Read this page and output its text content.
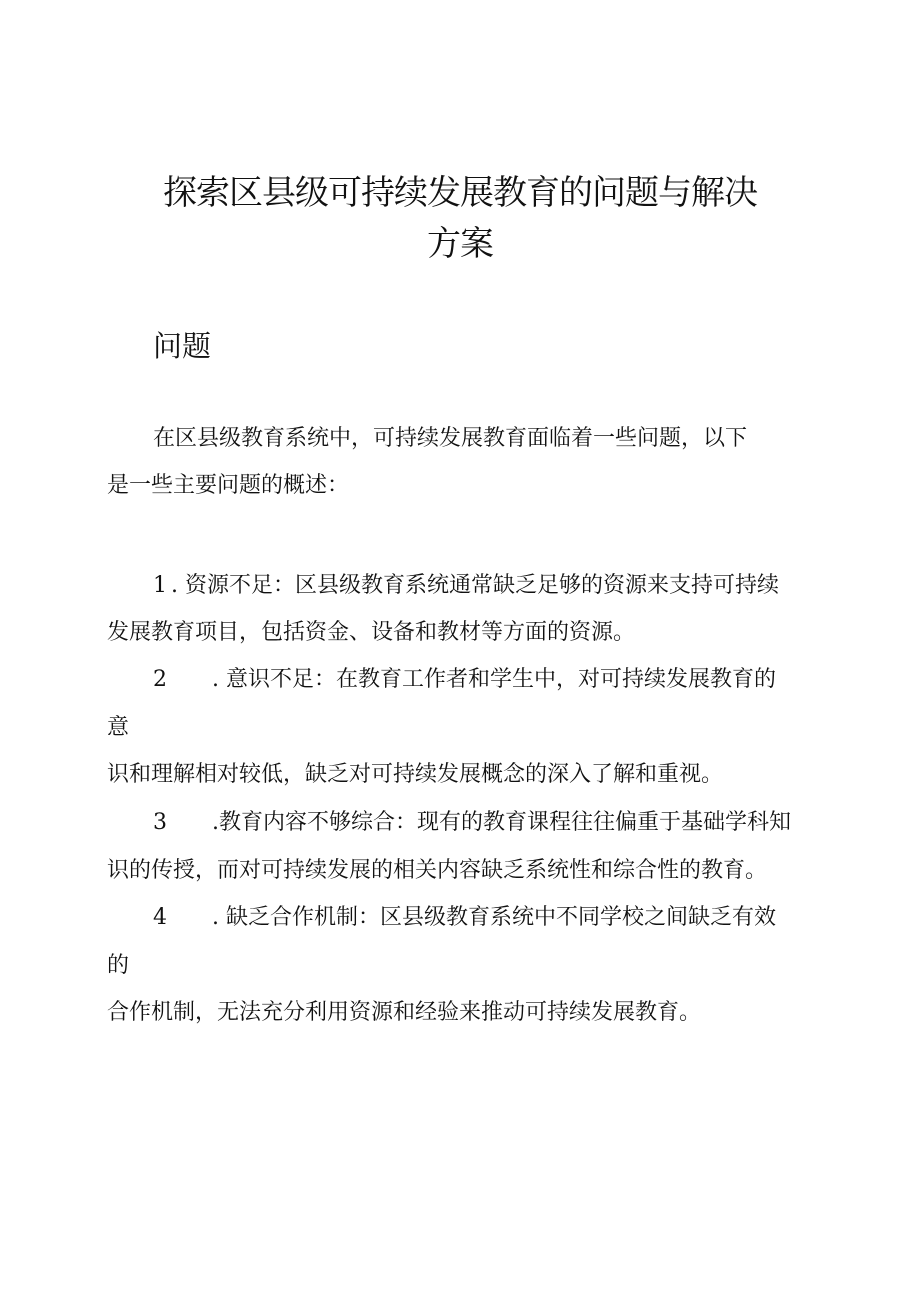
探索区县级可持续发展教育的问题与解决
方案
问题

在区县级教育系统中，可持续发展教育面临着一些问题，以下

是一些主要问题的概述：

1 . 资源不足：区县级教育系统通常缺乏足够的资源来支持可持续

发展教育项目，包括资金、设备和教材等方面的资源。

2 . 意识不足：在教育工作者和学生中，对可持续发展教育的

意

识和理解相对较低，缺乏对可持续发展概念的深入了解和重视。

3 .教育内容不够综合：现有的教育课程往往偏重于基础学科知

识的传授，而对可持续发展的相关内容缺乏系统性和综合性的教育。

4 . 缺乏合作机制：区县级教育系统中不同学校之间缺乏有效

的

合作机制，无法充分利用资源和经验来推动可持续发展教育。
